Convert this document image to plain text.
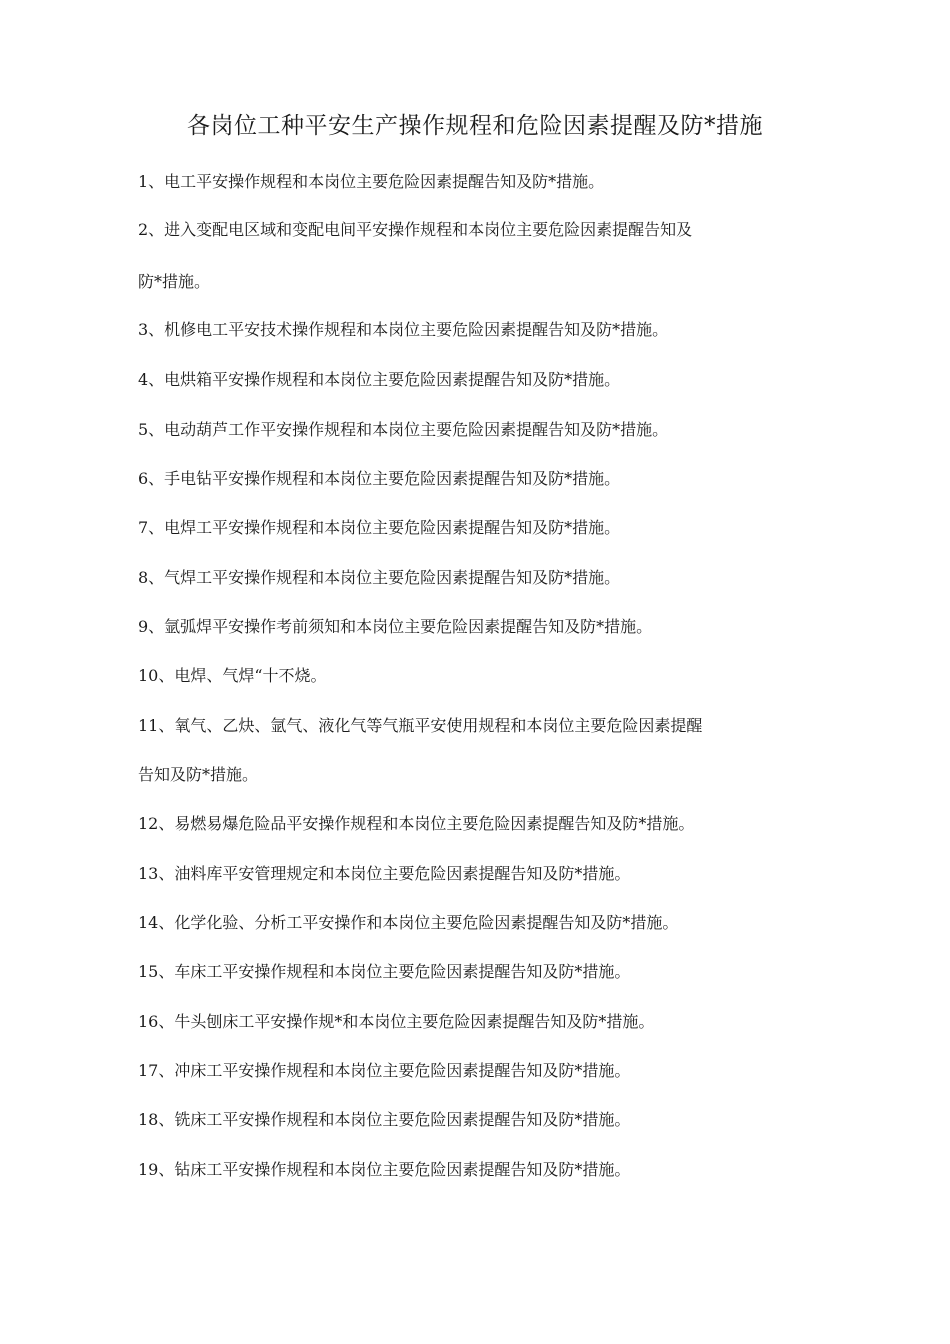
各岗位工种平安生产操作规程和危险因素提醒及防*措施
1、电工平安操作规程和本岗位主要危险因素提醒告知及防*措施。
2、进入变配电区域和变配电间平安操作规程和本岗位主要危险因素提醒告知及
防*措施。
3、机修电工平安技术操作规程和本岗位主要危险因素提醒告知及防*措施。
4、电烘箱平安操作规程和本岗位主要危险因素提醒告知及防*措施。
5、电动葫芦工作平安操作规程和本岗位主要危险因素提醒告知及防*措施。
6、手电钻平安操作规程和本岗位主要危险因素提醒告知及防*措施。
7、电焊工平安操作规程和本岗位主要危险因素提醒告知及防*措施。
8、气焊工平安操作规程和本岗位主要危险因素提醒告知及防*措施。
9、氩弧焊平安操作考前须知和本岗位主要危险因素提醒告知及防*措施。
10、电焊、气焊“十不烧。
11、氧气、乙炔、氩气、液化气等气瓶平安使用规程和本岗位主要危险因素提醒
告知及防*措施。
12、易燃易爆危险品平安操作规程和本岗位主要危险因素提醒告知及防*措施。
13、油料库平安管理规定和本岗位主要危险因素提醒告知及防*措施。
14、化学化验、分析工平安操作和本岗位主要危险因素提醒告知及防*措施。
15、车床工平安操作规程和本岗位主要危险因素提醒告知及防*措施。
16、牛头刨床工平安操作规*和本岗位主要危险因素提醒告知及防*措施。
17、冲床工平安操作规程和本岗位主要危险因素提醒告知及防*措施。
18、铣床工平安操作规程和本岗位主要危险因素提醒告知及防*措施。
19、钻床工平安操作规程和本岗位主要危险因素提醒告知及防*措施。
